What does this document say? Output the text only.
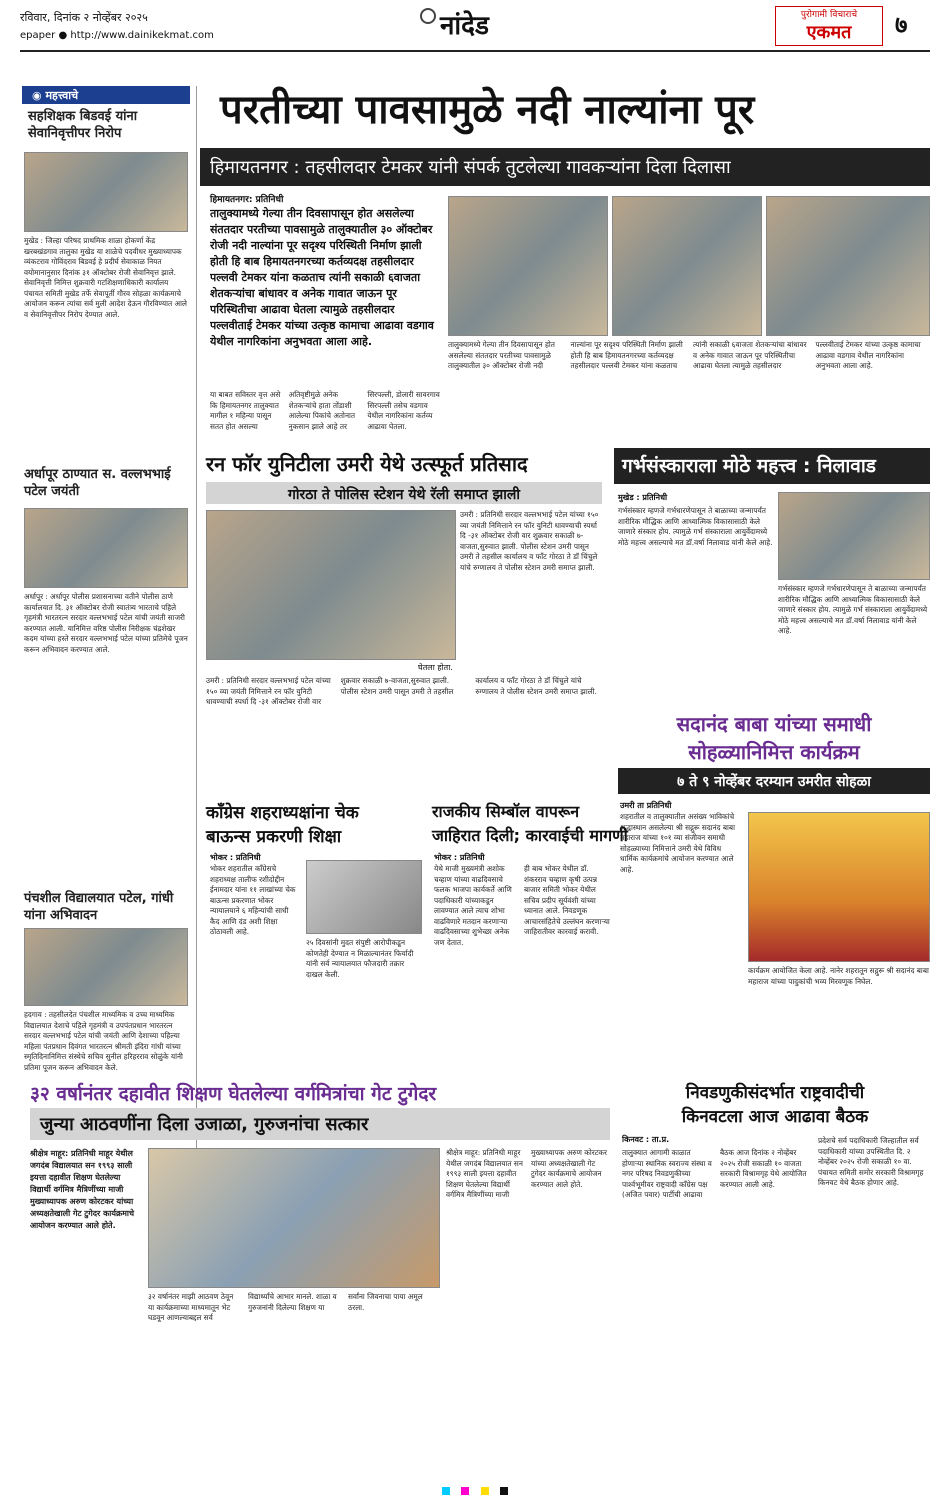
रविवार, दिनांक २ नोव्हेंबर २०२५
epaper ● http://www.dainikekmat.com	नांदेड	पुरोगामी विचाराचे
एकमत	७
◉ महत्त्वाचे
सहशिक्षक बिडवई यांना सेवानिवृत्तीपर निरोप
मुखेड : जिल्हा परिषद प्राथमिक शाळा होकर्णा केंद्र खरबखंडगाव तालुका मुखेड या शाळेचे पदवीधर मुख्याध्यापक व्यंकटराव गोविंदराव बिडवई हे प्रदीर्घ सेवाकाळ नियत वयोमानानुसार दिनांक ३१ ऑक्टोबर रोजी सेवानिवृत्त झाले. सेवानिवृत्ती निमित्त शुक्रवारी गटशिक्षणाधिकारी कार्यालय पंचायत समिती मुखेड तर्फे सेवापूर्ती गौरव सोहळा कार्यक्रमाचे आयोजन करून त्यांचा सर्व मुली आदेश देऊन गौरविण्यात आले व सेवानिवृत्तीपर निरोप देण्यात आले.
अर्धापूर ठाण्यात स. वल्लभभाई पटेल जयंती
अर्धापूर : अर्धापूर पोलीस प्रशासनाच्या वतीने पोलीस ठाणे कार्यालयात दि. ३१ ऑक्टोबर रोजी स्वातंत्र्य भारताचे पहिले गृहमंत्री भारतरत्न सरदार वल्लभभाई पटेल यांची जयंती साजरी करण्यात आली. यानिमित्त वरिष्ठ पोलीस निरीक्षक चंद्रशेखर कदम यांच्या हस्ते सरदार वल्लभभाई पटेल यांच्या प्रतिमेचे पूजन करून अभिवादन करण्यात आले.
पंचशील विद्यालयात पटेल, गांधी यांना अभिवादन
हदगाव : तहसीलदेत पंचशील माध्यमिक व उच्च माध्यमिक विद्यालयात देशाचे पहिले गृहमंत्री व उपपंतप्रधान भारतरत्न सरदार वल्लभभाई पटेल यांची जयंती आणि देशाच्या पहिल्या महिला पंतप्रधान दिवंगत भारतरत्न श्रीमती इंदिरा गांधी यांच्या स्मृतिदिनानिमित्त संस्थेचे सचिव सुनील हरिहरराव सोळुंके यांनी प्रतिमा पूजन करून अभिवादन केले.
परतीच्या पावसामुळे नदी नाल्यांना पूर
हिमायतनगर : तहसीलदार टेमकर यांनी संपर्क तुटलेल्या गावकऱ्यांना दिला दिलासा
हिमायतनगर: प्रतिनिधी
तालुक्यामध्ये गेल्या तीन दिवसापासून होत असलेल्या संततदार परतीच्या पावसामुळे तालुक्यातील ३० ऑक्टोबर रोजी नदी नाल्यांना पूर सदृश्य परिस्थिती निर्माण झाली होती हि बाब हिमायतनगरच्या कर्तव्यदक्ष तहसीलदार पल्लवी टेमकर यांना कळताच त्यांनी सकाळी ६वाजता शेतकऱ्यांचा बांधावर व अनेक गावात जाऊन पूर परिस्थितीचा आढावा घेतला त्यामुळे तहसीलदार पल्लवीताई टेमकर यांच्या उत्कृष्ठ कामाचा आढावा वडगाव येथील नागरिकांना अनुभवता आला आहे.
या बाबत सविस्तर वृत्त असे कि हिमायतनगर तालुक्यात मागील १ महिन्या पासून सतत होत असल्या अतिवृष्टीमुळे अनेक शेतकऱ्यांचे हाता तोंडाशी आलेल्या पिकांचे अतोनात नुकसान झाले आहे तर सिरपल्ली, डोलारी सावरगाव सिरपल्ली तसेच वडगाव येथील नागरिकांना कर्तव्य आढावा घेतला.
तालुक्यामध्ये गेल्या तीन दिवसापासून होत असलेल्या संततदार परतीच्या पावसामुळे तालुक्यातील ३० ऑक्टोबर रोजी नदी नाल्यांना पूर सदृश्य परिस्थिती निर्माण झाली होती हि बाब हिमायतनगरच्या कर्तव्यदक्ष तहसीलदार पल्लवी टेमकर यांना कळताच त्यांनी सकाळी ६वाजता शेतकऱ्यांचा बांधावर व अनेक गावात जाऊन पूर परिस्थितीचा आढावा घेतला त्यामुळे तहसीलदार पल्लवीताई टेमकर यांच्या उत्कृष्ठ कामाचा आढावा वडगाव येथील नागरिकांना अनुभवता आला आहे.
रन फॉर युनिटीला उमरी येथे उत्स्फूर्त प्रतिसाद
गोरठा ते पोलिस स्टेशन येथे रॅली समाप्त झाली
घेतला होता.
उमरी : प्रतिनिधी सरदार वल्लभभाई पटेल यांच्या १५० व्या जयंती निमित्ताने रन फॉर युनिटी धावण्याची स्पर्धा दि -३१ ऑक्टोबर रोजी वार शुक्रवार सकाळी ७-वाजता,सुरुवात झाली. पोलीस स्टेशन उमरी पासून उमरी ते तहसील कार्यालय व फाँट गोरठा ते डॉ चिंचुले यांचे रुग्णालय ते पोलीस स्टेशन उमरी समाप्त झाली.
उमरी : प्रतिनिधी सरदार वल्लभभाई पटेल यांच्या १५० व्या जयंती निमित्ताने रन फॉर युनिटी धावण्याची स्पर्धा दि -३१ ऑक्टोबर रोजी वार शुक्रवार सकाळी ७-वाजता,सुरुवात झाली. पोलीस स्टेशन उमरी पासून उमरी ते तहसील कार्यालय व फाँट गोरठा ते डॉ चिंचुले यांचे रुग्णालय ते पोलीस स्टेशन उमरी समाप्त झाली.
गर्भसंस्काराला मोठे महत्त्व : निलावाड
मुखेड : प्रतिनिधी
गर्भसंस्कार म्हणजे गर्भधारणेपासून ते बाळाच्या जन्मापर्यंत शारीरिक मौद्धिक आणि आध्यात्मिक विकासासाठी केले जाणारे संस्कार होय. त्यामुळे गर्भ संस्काराला आयुर्वेदामध्ये मोठे महत्त्व असल्याचे मत डॉ.वर्षा निलावाड यांनी केले आहे.
गर्भसंस्कार म्हणजे गर्भधारणेपासून ते बाळाच्या जन्मापर्यंत शारीरिक मौद्धिक आणि आध्यात्मिक विकासासाठी केले जाणारे संस्कार होय. त्यामुळे गर्भ संस्काराला आयुर्वेदामध्ये मोठे महत्त्व असल्याचे मत डॉ.वर्षा निलावाड यांनी केले आहे.
सदानंद बाबा यांच्या समाधी
सोहळ्यानिमित्त कार्यक्रम
७ ते ९ नोव्हेंबर दरम्यान उमरीत सोहळा
उमरी ता प्रतिनिधी
शहरातील व तालुक्यातील असंख्य भाविकांचे श्रद्धास्थान असलेल्या श्री सद्गुरू सदानंद बाबा महाराज यांच्या १०१ व्या संजीवन समाधी सोहळ्याच्या निमित्ताने उमरी येथे विविध धार्मिक कार्यक्रमांचे आयोजन करण्यात आले आहे.
कार्यक्रम आयोजित केला आहे. नानेर शहरातून सद्गुरू श्री सदानंद बाबा महाराज यांच्या पादुकांची भव्य मिरवणूक निघेल.
काँग्रेस शहराध्यक्षांना चेक
बाऊन्स प्रकरणी शिक्षा
भोकर : प्रतिनिधी
भोकर शहरातील काँग्रेसचे शहराध्यक्ष तालीफ रशीदोद्दीन ईनामदार यांना ११ लाखांच्या चेक बाऊन्स प्रकरणात भोकर न्यायालयाने ६ महिन्यांची साधी कैद आणि दंड अशी शिक्षा ठोठावली आहे.
२५ दिवसांनी मुदत संपुष्टी आरोपीकडून कोणतेही देण्यात न मिळाल्यानंतर फिर्यादी यांनी सर्व न्यायालयात फौजदारी तक्रार दाखल केली.
राजकीय सिम्बॉल वापरून
जाहिरात दिली; कारवाईची मागणी
भोकर : प्रतिनिधी
येथे माजी मुख्यमंत्री अशोक चव्हाण यांच्या वाढदिवसाचे फलक भाजपा कार्यकर्ते आणि पदाधिकारी यांच्याकडून लावण्यात आले त्याच शोभा वाढविणारे मतदान करणाऱ्या वाढदिवसाच्या शुभेच्छा अनेक जण देतात.
ही बाब भोकर येथील डॉ. शंकरराव चव्हाण कृषी उत्पन्न बाजार समिती भोकर येथील सचिव प्रदीप सूर्यवंशी यांच्या ध्यानात आले. निवडणूक आचारसंहितेचे उल्लंघन करणाऱ्या जाहिरातीवर कारवाई करावी.
३२ वर्षानंतर दहावीत शिक्षण घेतलेल्या वर्गमित्रांचा गेट टुगेदर
जुन्या आठवणींना दिला उजाळा, गुरुजनांचा सत्कार
श्रीक्षेत्र माहूर: प्रतिनिधी माहूर येथील जगदंब विद्यालयात सन १९९३ साली इयत्ता दहावीत शिक्षण घेतलेल्या विद्यार्थी वर्गमित्र मैत्रिणींच्या माजी मुख्याध्यापक अरुण कोरटकर यांच्या अध्यक्षतेखाली गेट टुगेदर कार्यक्रमाचे आयोजन करण्यात आले होते.
३२ वर्षानंतर माझी आठवण ठेवून या कार्यक्रमाच्या माध्यमातून भेट घडवून आणल्याबद्दल सर्व विद्यार्थ्यांचे आभार मानले. शाळा व गुरुजनांनी दिलेल्या शिक्षण या सर्वांना जिवनाचा पाया अमूल ठरला.
श्रीक्षेत्र माहूर: प्रतिनिधी माहूर येथील जगदंब विद्यालयात सन १९९३ साली इयत्ता दहावीत शिक्षण घेतलेल्या विद्यार्थी वर्गमित्र मैत्रिणींच्या माजी मुख्याध्यापक अरुण कोरटकर यांच्या अध्यक्षतेखाली गेट टुगेदर कार्यक्रमाचे आयोजन करण्यात आले होते.
निवडणुकीसंदर्भात राष्ट्रवादीची
किनवटला आज आढावा बैठक
किनवट : ता.प्र.
तालुक्यात आगामी काळात होणाऱ्या स्थानिक स्वराज्य संस्था व नगर परिषद निवडणुकीच्या पार्श्वभूमीवर राष्ट्रवादी काँग्रेस पक्ष (अजित पवार) पार्टीची आढावा बैठक आज दिनांक २ नोव्हेंबर २०२५ रोजी सकाळी १० वाजता सरकारी विश्रामगृह येथे आयोजित करण्यात आली आहे.
प्रदेशचे सर्व पदाधिकारी जिल्हातील सर्व पदाधिकारी यांच्या उपस्थितीत दि. २ नोव्हेंबर २०२५ रोजी सकाळी १० वा. पंचायत समिती समोर सरकारी विश्रामगृह किनवट येथे बैठक होणार आहे.
